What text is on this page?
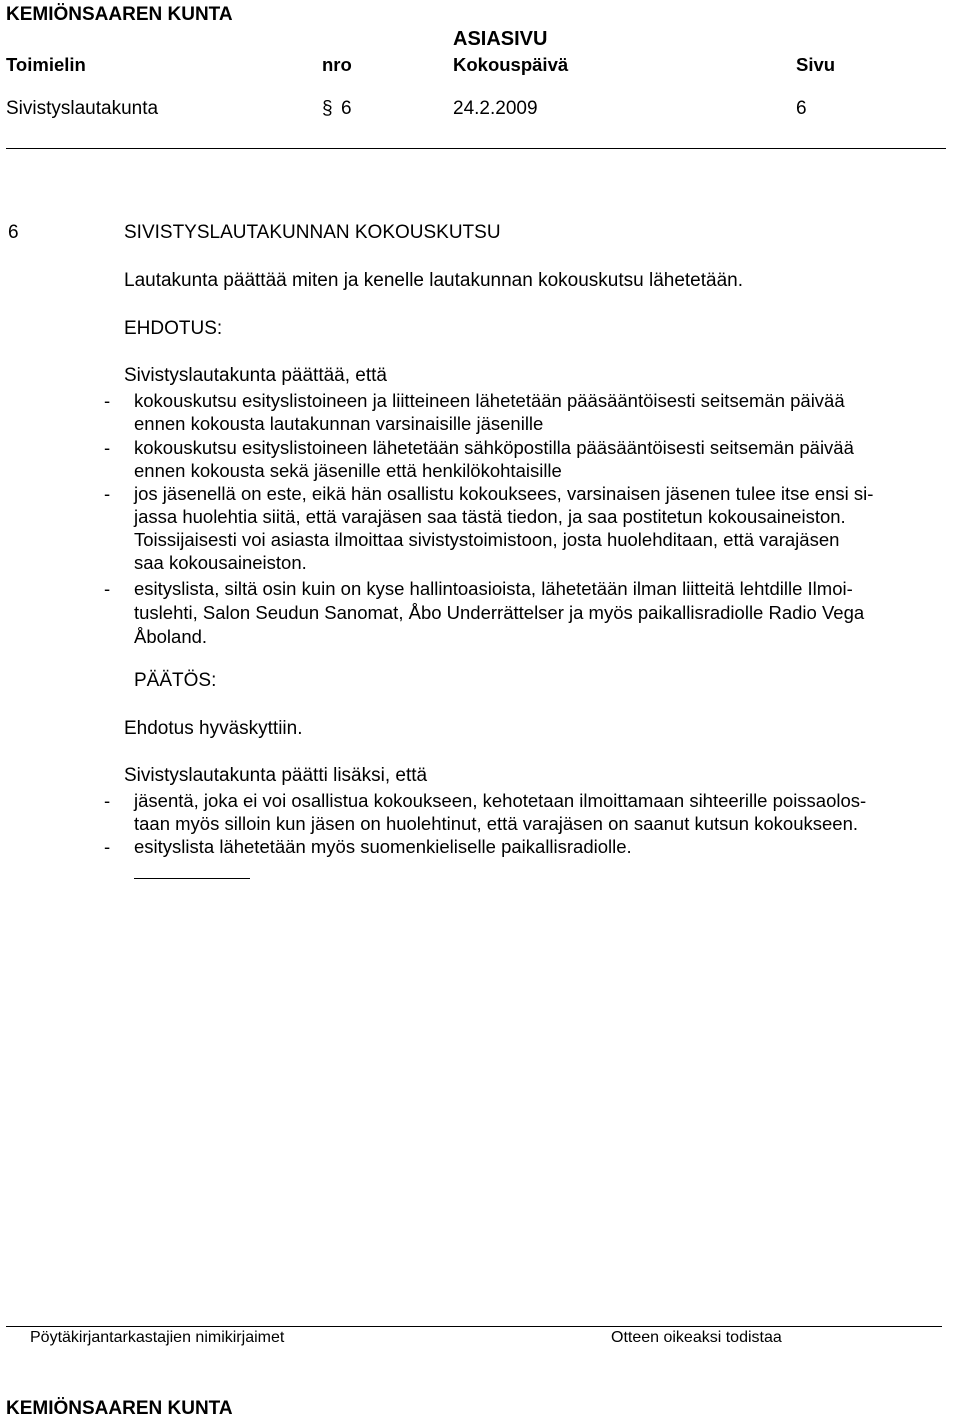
KEMIÖNSAAREN KUNTA
ASIASIVU
Toimielin	nro	Kokouspäivä	Sivu
Sivistyslautakunta	§ 6	24.2.2009	6
6	SIVISTYSLAUTAKUNNAN KOKOUSKUTSU
Lautakunta päättää miten ja kenelle lautakunnan kokouskutsu lähetetään.
EHDOTUS:
Sivistyslautakunta päättää, että
- kokouskutsu esityslistoineen ja liitteineen lähetetään pääsääntöisesti seitsemän päivää
ennen kokousta lautakunnan varsinaisille jäsenille
- kokouskutsu esityslistoineen lähetetään sähköpostilla pääsääntöisesti seitsemän päivää
ennen kokousta sekä jäsenille että henkilökohtaisille
- jos jäsenellä on este, eikä hän osallistu kokouksees, varsinaisen jäsenen tulee itse ensi si-
jassa huolehtia siitä, että varajäsen saa tästä tiedon, ja saa postitetun kokousaineiston.
Toissijaisesti voi asiasta ilmoittaa sivistystoimistoon, josta huolehditaan, että varajäsen
saa kokousaineiston.
- esityslista, siltä osin kuin on kyse hallintoasioista, lähetetään ilman liitteitä lehtdille Ilmoi-
tuslehti, Salon Seudun Sanomat, Åbo Underrättelser ja myös paikallisradiolle Radio Vega
Åboland.
PÄÄTÖS:
Ehdotus hyväskyttiin.
Sivistyslautakunta päätti lisäksi, että
- jäsentä, joka ei voi osallistua kokoukseen, kehotetaan ilmoittamaan sihteerille poissaolos-
taan myös silloin kun jäsen on huolehtinut, että varajäsen on saanut kutsun kokoukseen.
- esityslista lähetetään myös suomenkieliselle paikallisradiolle.
Pöytäkirjantarkastajien nimikirjaimet	Otteen oikeaksi todistaa
KEMIÖNSAAREN KUNTA
